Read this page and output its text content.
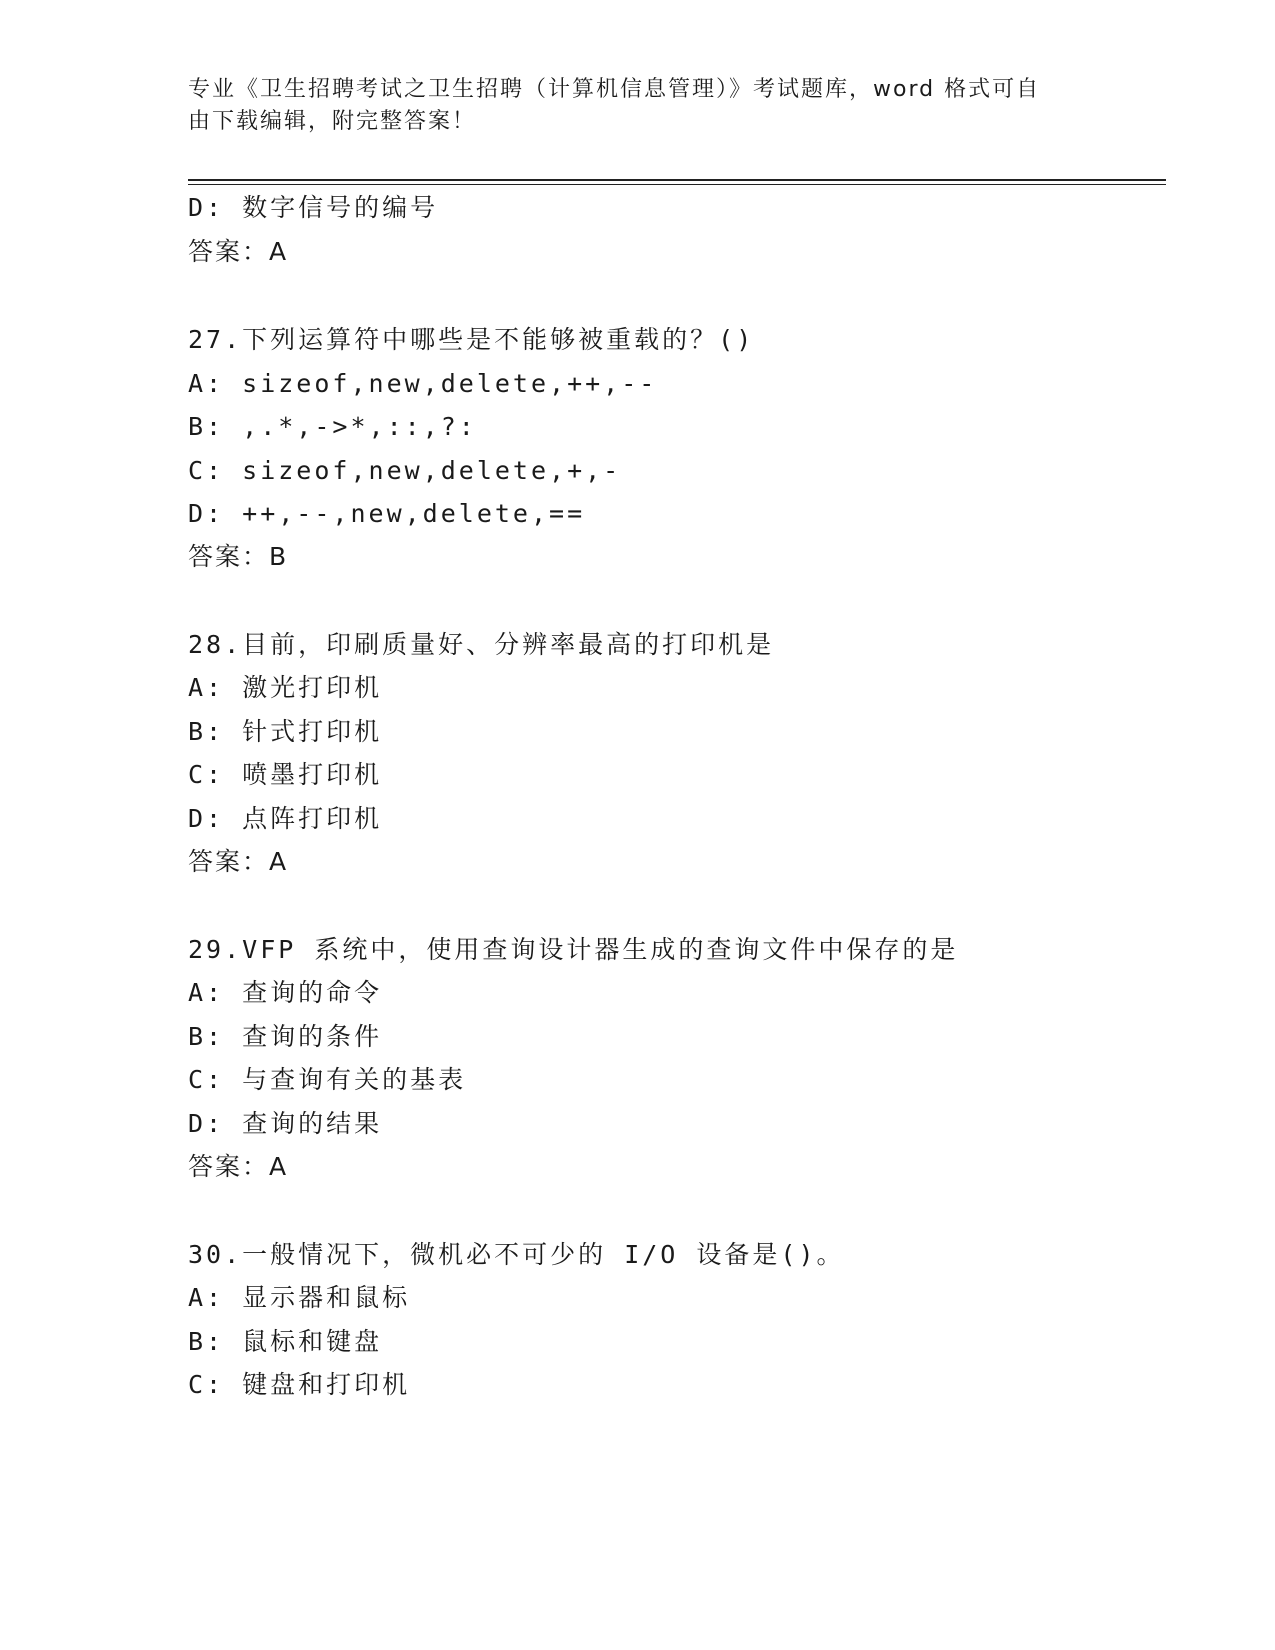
专业《卫生招聘考试之卫生招聘（计算机信息管理）》考试题库，word 格式可自
由下载编辑，附完整答案！
D: 数字信号的编号
答案：A
27.下列运算符中哪些是不能够被重载的？()
A: sizeof,new,delete,++,--
B: ,.*,->*,::,?:
C: sizeof,new,delete,+,-
D: ++,--,new,delete,==
答案：B
28.目前，印刷质量好、分辨率最高的打印机是
A: 激光打印机
B: 针式打印机
C: 喷墨打印机
D: 点阵打印机
答案：A
29.VFP 系统中，使用查询设计器生成的查询文件中保存的是
A: 查询的命令
B: 查询的条件
C: 与查询有关的基表
D: 查询的结果
答案：A
30.一般情况下，微机必不可少的 I/O 设备是()。
A: 显示器和鼠标
B: 鼠标和键盘
C: 键盘和打印机
